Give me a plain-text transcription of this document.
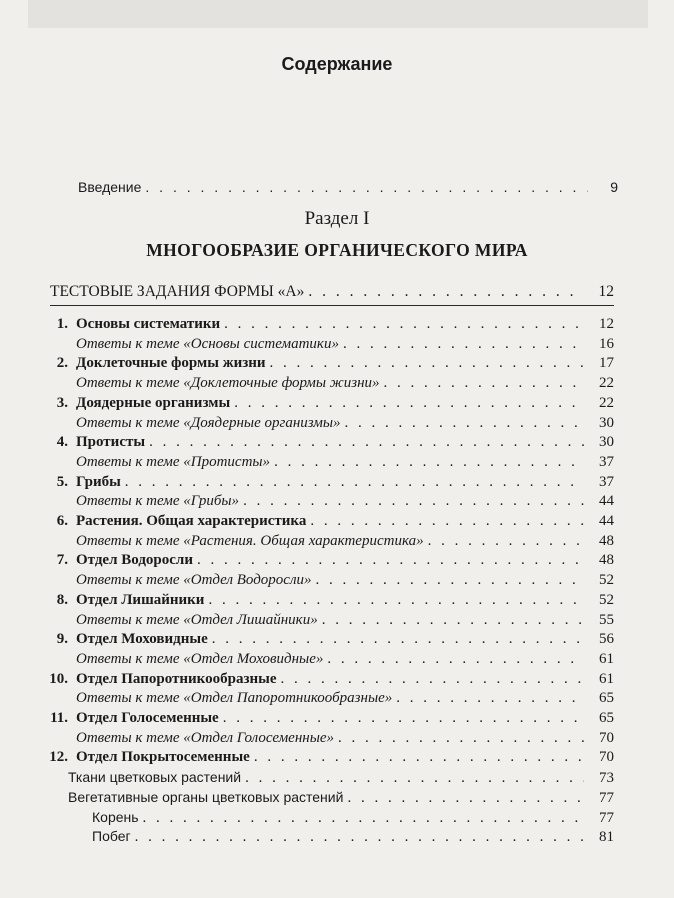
Содержание
Введение . . .	9
Раздел I
МНОГООБРАЗИЕ ОРГАНИЧЕСКОГО МИРА
ТЕСТОВЫЕ ЗАДАНИЯ ФОРМЫ «А» . . .	12
1. Основы систематики . . .	12
Ответы к теме «Основы систематики» . . .	16
2. Доклеточные формы жизни . . .	17
Ответы к теме «Доклеточные формы жизни» . . .	22
3. Доядерные организмы . . .	22
Ответы к теме «Доядерные организмы» . . .	30
4. Протисты . . .	30
Ответы к теме «Протисты» . . .	37
5. Грибы . . .	37
Ответы к теме «Грибы» . . .	44
6. Растения. Общая характеристика . . .	44
Ответы к теме «Растения. Общая характеристика» . . .	48
7. Отдел Водоросли . . .	48
Ответы к теме «Отдел Водоросли» . . .	52
8. Отдел Лишайники . . .	52
Ответы к теме «Отдел Лишайники» . . .	55
9. Отдел Моховидные . . .	56
Ответы к теме «Отдел Моховидные» . . .	61
10. Отдел Папоротникообразные . . .	61
Ответы к теме «Отдел Папоротникообразные» . . .	65
11. Отдел Голосеменные . . .	65
Ответы к теме «Отдел Голосеменные» . . .	70
12. Отдел Покрытосеменные . . .	70
Ткани цветковых растений . . .	73
Вегетативные органы цветковых растений . . .	77
Корень . . .	77
Побег . . .	81
